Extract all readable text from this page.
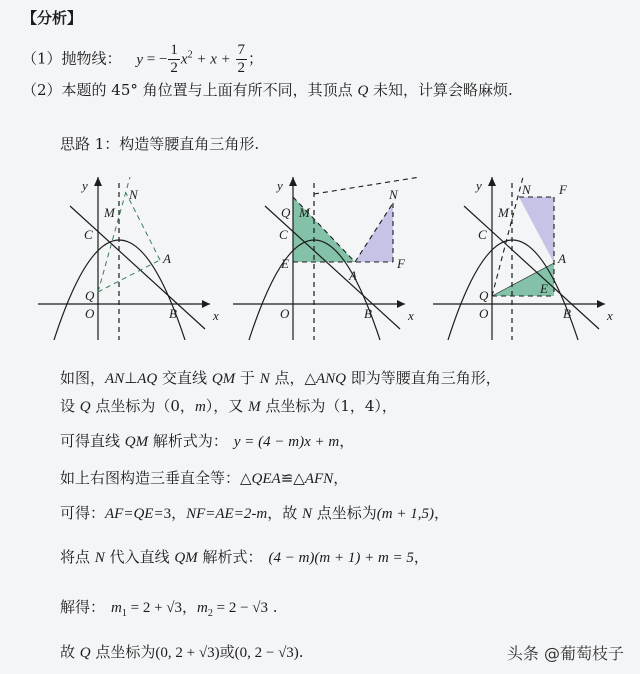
【分析】
（1）抛物线： y = − $\frac{1}{2} x^2 + x + \frac{7}{2}$ ；
（2）本题的 45° 角位置与上面有所不同，其顶点 Q 未知，计算会略麻烦.
思路 1：构造等腰直角三角形.
y
x
O	B
C
M
N
A
Q
y
x
O	B
C
M
N
A
Q
E	F
y
x
O	B
C
M
N F
A
Q	E
如图，AN⊥AQ 交直线 QM 于 N 点，△ANQ 即为等腰直角三角形，
设 Q 点坐标为（0，m），又 M 点坐标为（1，4），
可得直线 QM 解析式为： y = (4 − m)x + m，
如上右图构造三垂直全等：△QEA≌△AFN，
可得：AF=QE=3，NF=AE=2-m，故 N 点坐标为(m + 1,5)，
将点 N 代入直线 QM 解析式： (4 − m)(m + 1) + m = 5，
解得： $m_1 = 2 + √3$，$m_2 = 2 - √3$ .
故 Q 点坐标为(0, 2 + √3)或(0, 2 − √3).	头条 @葡萄枝子
